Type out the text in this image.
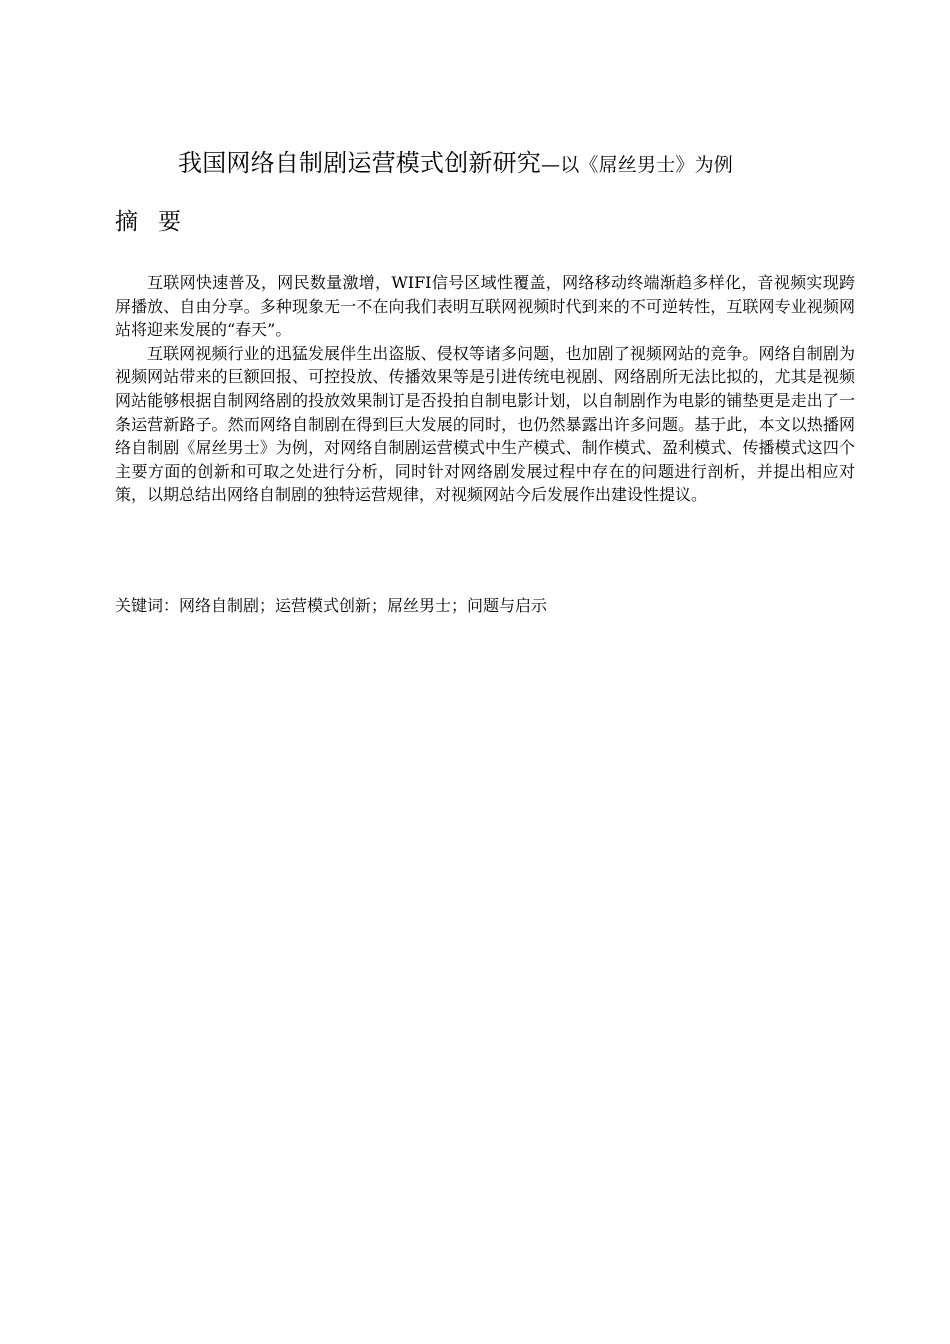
我国网络自制剧运营模式创新研究—以《屌丝男士》为例
摘要

互联网快速普及，网民数量激增，WIFI信号区域性覆盖，网络移动终端渐趋多样化，音视频实现跨屏播放、自由分享。多种现象无一不在向我们表明互联网视频时代到来的不可逆转性，互联网专业视频网站将迎来发展的“春天”。

互联网视频行业的迅猛发展伴生出盗版、侵权等诸多问题，也加剧了视频网站的竞争。网络自制剧为视频网站带来的巨额回报、可控投放、传播效果等是引进传统电视剧、网络剧所无法比拟的，尤其是视频网站能够根据自制网络剧的投放效果制订是否投拍自制电影计划，以自制剧作为电影的铺垫更是走出了一条运营新路子。然而网络自制剧在得到巨大发展的同时，也仍然暴露出许多问题。基于此，本文以热播网络自制剧《屌丝男士》为例，对网络自制剧运营模式中生产模式、制作模式、盈利模式、传播模式这四个主要方面的创新和可取之处进行分析，同时针对网络剧发展过程中存在的问题进行剖析，并提出相应对策，以期总结出网络自制剧的独特运营规律，对视频网站今后发展作出建设性提议。

关键词：网络自制剧；运营模式创新；屌丝男士；问题与启示
